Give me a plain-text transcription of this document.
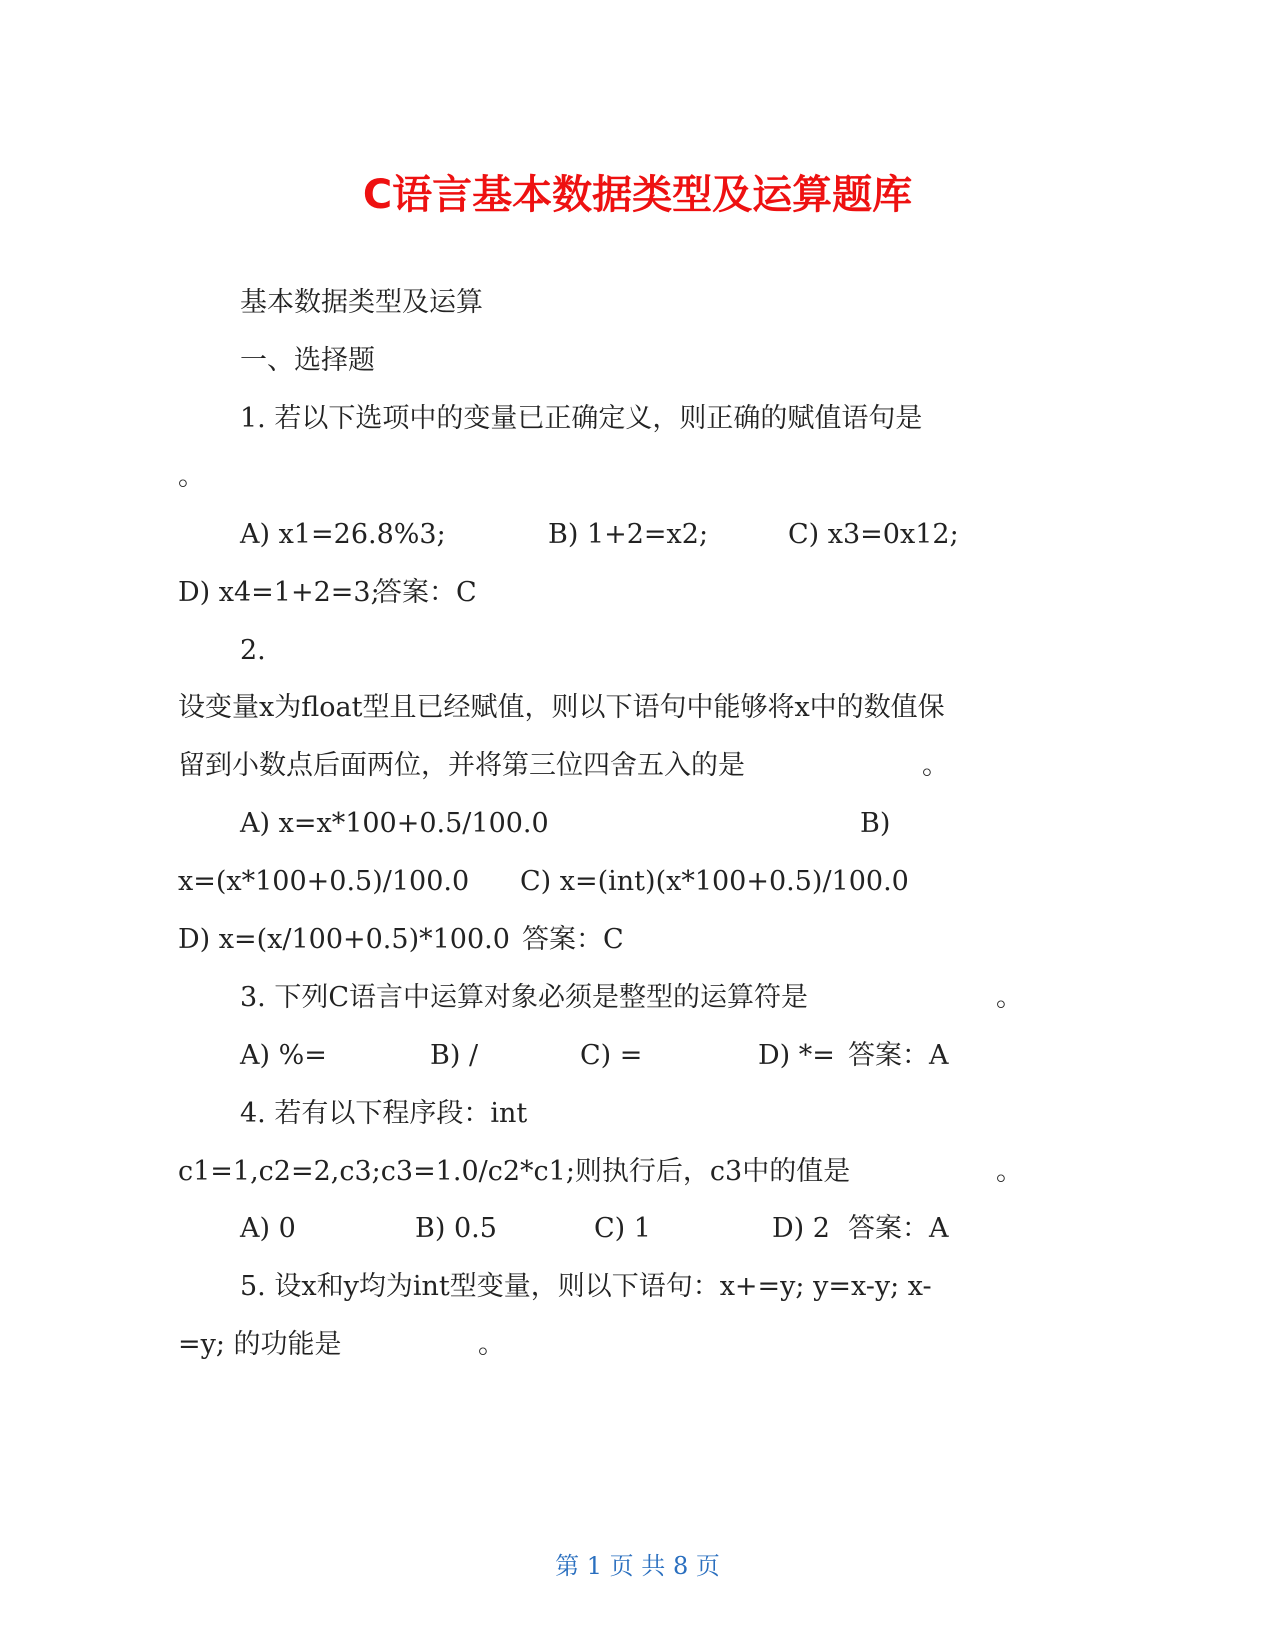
C语言基本数据类型及运算题库
基本数据类型及运算
一、选择题
1. 若以下选项中的变量已正确定义，则正确的赋值语句是
。
A) x1=26.8%3;	B) 1+2=x2;	C) x3=0x12;
D) x4=1+2=3;
答案：C
2.
设变量x为float型且已经赋值，则以下语句中能够将x中的数值保
留到小数点后面两位，并将第三位四舍五入的是	。
A) x=x*100+0.5/100.0	B)
x=(x*100+0.5)/100.0 C) x=(int)(x*100+0.5)/100.0
D) x=(x/100+0.5)*100.0 答案：C
3. 下列C语言中运算对象必须是整型的运算符是	。
A) %=	B) /	C) =	D) *= 答案：A
4. 若有以下程序段：int
c1=1,c2=2,c3;c3=1.0/c2*c1;则执行后，c3中的值是	。
A) 0	B) 0.5	C) 1	D) 2 答案：A
5. 设x和y均为int型变量，则以下语句：x+=y; y=x-y; x-
=y; 的功能是	。
第 1 页 共 8 页
